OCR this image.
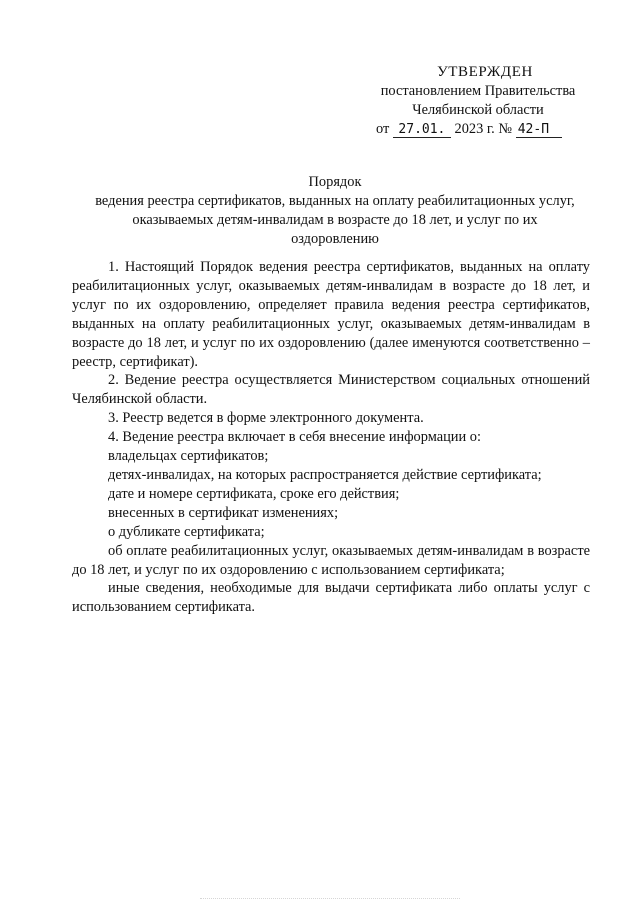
УТВЕРЖДЕН
постановлением Правительства
Челябинской области
от 27.01. 2023 г. № 42-П
Порядок
ведения реестра сертификатов, выданных на оплату реабилитационных услуг,
оказываемых детям-инвалидам в возрасте до 18 лет, и услуг по их
оздоровлению

1. Настоящий Порядок ведения реестра сертификатов, выданных на оплату реабилитационных услуг, оказываемых детям-инвалидам в возрасте до 18 лет, и услуг по их оздоровлению, определяет правила ведения реестра сертификатов, выданных на оплату реабилитационных услуг, оказываемых детям-инвалидам в возрасте до 18 лет, и услуг по их оздоровлению (далее именуются соответственно – реестр, сертификат).

2. Ведение реестра осуществляется Министерством социальных отношений Челябинской области.

3. Реестр ведется в форме электронного документа.

4. Ведение реестра включает в себя внесение информации о:

владельцах сертификатов;

детях-инвалидах, на которых распространяется действие сертификата;

дате и номере сертификата, сроке его действия;

внесенных в сертификат изменениях;

о дубликате сертификата;

об оплате реабилитационных услуг, оказываемых детям-инвалидам в возрасте до 18 лет, и услуг по их оздоровлению с использованием сертификата;

иные сведения, необходимые для выдачи сертификата либо оплаты услуг с использованием сертификата.
